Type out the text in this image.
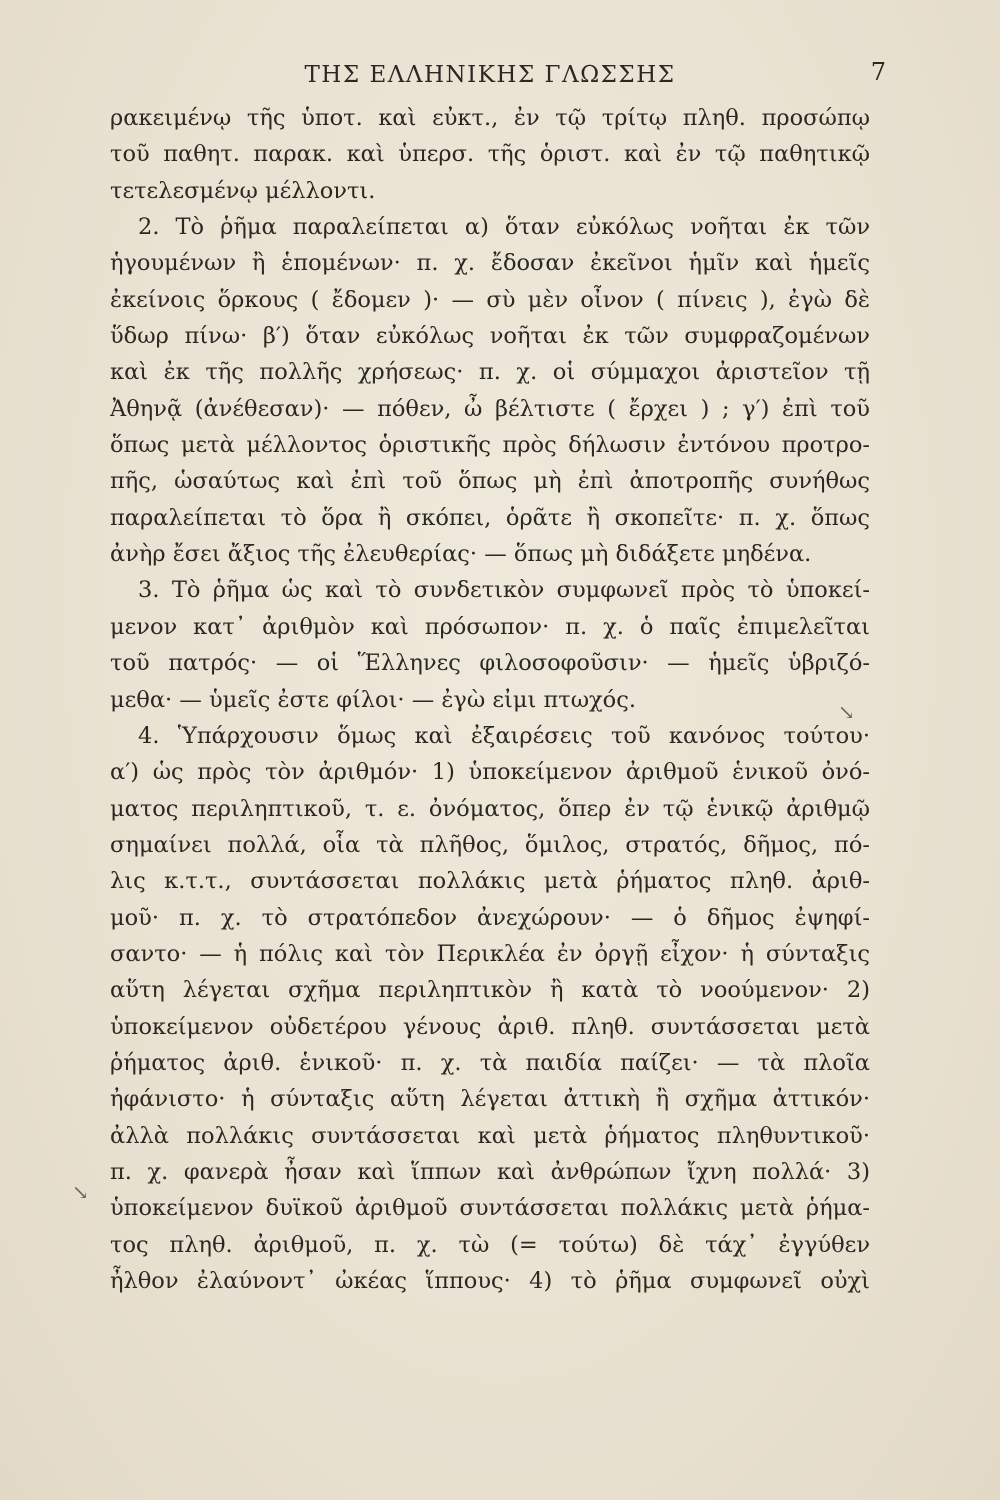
ΤΗΣ ΕΛΛΗΝΙΚΗΣ ΓΛΩΣΣΗΣ	7
ρακειμένῳ τῆς ὑποτ. καὶ εὐκτ., ἐν τῷ τρίτῳ πληθ. προσώπῳ
τοῦ παθητ. παρακ. καὶ ὑπερσ. τῆς ὁριστ. καὶ ἐν τῷ παθητικῷ
τετελεσμένῳ μέλλοντι.
2. Τὸ ῥῆμα παραλείπεται α) ὅταν εὐκόλως νοῆται ἐκ τῶν
ἡγουμένων ἢ ἑπομένων· π. χ. ἔδοσαν ἐκεῖνοι ἡμῖν καὶ ἡμεῖς
ἐκείνοις ὅρκους ( ἔδομεν )· — σὺ μὲν οἶνον ( πίνεις ), ἐγὼ δὲ
ὕδωρ πίνω· β′) ὅταν εὐκόλως νοῆται ἐκ τῶν συμφραζομένων
καὶ ἐκ τῆς πολλῆς χρήσεως· π. χ. οἱ σύμμαχοι ἀριστεῖον τῇ
Ἀθηνᾷ (ἀνέθεσαν)· — πόθεν, ὦ βέλτιστε ( ἔρχει ) ; γ′) ἐπὶ τοῦ
ὅπως μετὰ μέλλοντος ὁριστικῆς πρὸς δήλωσιν ἐντόνου προτρο-
πῆς, ὡσαύτως καὶ ἐπὶ τοῦ ὅπως μὴ ἐπὶ ἀποτροπῆς συνήθως
παραλείπεται τὸ ὅρα ἢ σκόπει, ὁρᾶτε ἢ σκοπεῖτε· π. χ. ὅπως
ἀνὴρ ἔσει ἄξιος τῆς ἐλευθερίας· — ὅπως μὴ διδάξετε μηδένα.
3. Τὸ ῥῆμα ὡς καὶ τὸ συνδετικὸν συμφωνεῖ πρὸς τὸ ὑποκεί-
μενον κατ᾽ ἀριθμὸν καὶ πρόσωπον· π. χ. ὁ παῖς ἐπιμελεῖται
τοῦ πατρός· — οἱ Ἕλληνες φιλοσοφοῦσιν· — ἡμεῖς ὑβριζό-
μεθα· — ὑμεῖς ἐστε φίλοι· — ἐγὼ εἰμι πτωχός.
4. Ὑπάρχουσιν ὅμως καὶ ἐξαιρέσεις τοῦ κανόνος τούτου·
α′) ὡς πρὸς τὸν ἀριθμόν· 1) ὑποκείμενον ἀριθμοῦ ἑνικοῦ ὀνό-
ματος περιληπτικοῦ, τ. ε. ὀνόματος, ὅπερ ἐν τῷ ἑνικῷ ἀριθμῷ
σημαίνει πολλά, οἷα τὰ πλῆθος, ὅμιλος, στρατός, δῆμος, πό-
λις κ.τ.τ., συντάσσεται πολλάκις μετὰ ῥήματος πληθ. ἀριθ-
μοῦ· π. χ. τὸ στρατόπεδον ἀνεχώρουν· — ὁ δῆμος ἐψηφί-
σαντο· — ἡ πόλις καὶ τὸν Περικλέα ἐν ὀργῇ εἶχον· ἡ σύνταξις
αὕτη λέγεται σχῆμα περιληπτικὸν ἢ κατὰ τὸ νοούμενον· 2)
ὑποκείμενον οὐδετέρου γένους ἀριθ. πληθ. συντάσσεται μετὰ
ῥήματος ἀριθ. ἑνικοῦ· π. χ. τὰ παιδία παίζει· — τὰ πλοῖα
ἠφάνιστο· ἡ σύνταξις αὕτη λέγεται ἀττικὴ ἢ σχῆμα ἀττικόν·
ἀλλὰ πολλάκις συντάσσεται καὶ μετὰ ῥήματος πληθυντικοῦ·
π. χ. φανερὰ ἦσαν καὶ ἵππων καὶ ἀνθρώπων ἴχνη πολλά· 3)
ὑποκείμενον δυϊκοῦ ἀριθμοῦ συντάσσεται πολλάκις μετὰ ῥήμα-
τος πληθ. ἀριθμοῦ, π. χ. τὼ (= τούτω) δὲ τάχ᾽ ἐγγύθεν
ἦλθον ἐλαύνοντ᾽ ὠκέας ἵππους· 4) τὸ ῥῆμα συμφωνεῖ οὐχὶ
↘
↘
